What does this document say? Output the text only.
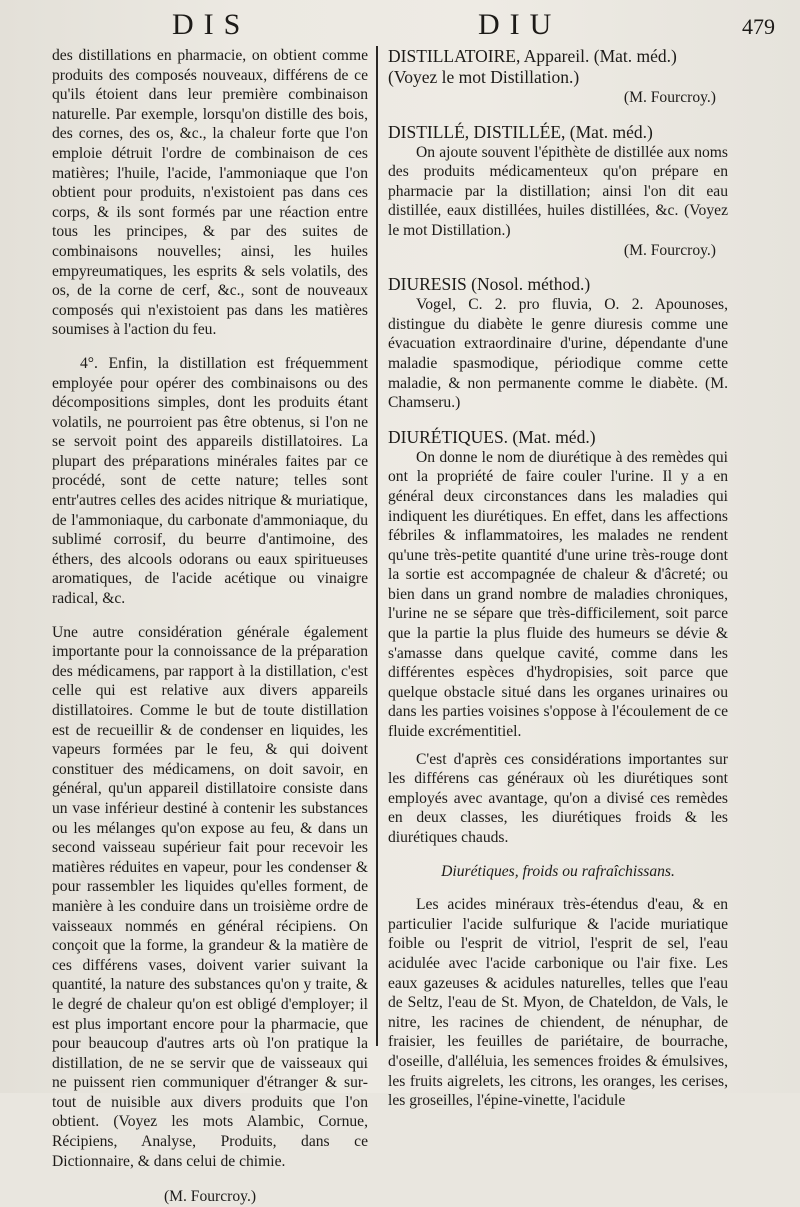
DIS	DIU	479

des distillations en pharmacie, on obtient comme produits des composés nouveaux, différens de ce qu'ils étoient dans leur première combinaison naturelle. Par exemple, lorsqu'on distille des bois, des cornes, des os, &c., la chaleur forte que l'on emploie détruit l'ordre de combinaison de ces matières; l'huile, l'acide, l'ammoniaque que l'on obtient pour produits, n'existoient pas dans ces corps, & ils sont formés par une réaction entre tous les principes, & par des suites de combinaisons nouvelles; ainsi, les huiles empyreumatiques, les esprits & sels volatils, des os, de la corne de cerf, &c., sont de nouveaux composés qui n'existoient pas dans les matières soumises à l'action du feu.

4°. Enfin, la distillation est fréquemment employée pour opérer des combinaisons ou des décompositions simples, dont les produits étant volatils, ne pourroient pas être obtenus, si l'on ne se servoit point des appareils distillatoires. La plupart des préparations minérales faites par ce procédé, sont de cette nature; telles sont entr'autres celles des acides nitrique & muriatique, de l'ammoniaque, du carbonate d'ammoniaque, du sublimé corrosif, du beurre d'antimoine, des éthers, des alcools odorans ou eaux spiritueuses aromatiques, de l'acide acétique ou vinaigre radical, &c.

Une autre considération générale également importante pour la connoissance de la préparation des médicamens, par rapport à la distillation, c'est celle qui est relative aux divers appareils distillatoires. Comme le but de toute distillation est de recueillir & de condenser en liquides, les vapeurs formées par le feu, & qui doivent constituer des médicamens, on doit savoir, en général, qu'un appareil distillatoire consiste dans un vase inférieur destiné à contenir les substances ou les mélanges qu'on expose au feu, & dans un second vaisseau supérieur fait pour recevoir les matières réduites en vapeur, pour les condenser & pour rassembler les liquides qu'elles forment, de manière à les conduire dans un troisième ordre de vaisseaux nommés en général récipiens. On conçoit que la forme, la grandeur & la matière de ces différens vases, doivent varier suivant la quantité, la nature des substances qu'on y traite, & le degré de chaleur qu'on est obligé d'employer; il est plus important encore pour la pharmacie, que pour beaucoup d'autres arts où l'on pratique la distillation, de ne se servir que de vaisseaux qui ne puissent rien communiquer d'étranger & sur-tout de nuisible aux divers produits que l'on obtient. (Voyez les mots Alambic, Cornue, Récipiens, Analyse, Produits, dans ce Dictionnaire, & dans celui de chimie.

(M. Fourcroy.)

DISTILLATOIRE, Appareil. (Mat. méd.) (Voyez le mot Distillation.)

(M. Fourcroy.)

DISTILLÉ, DISTILLÉE, (Mat. méd.)

On ajoute souvent l'épithète de distillée aux noms des produits médicamenteux qu'on prépare en pharmacie par la distillation; ainsi l'on dit eau distillée, eaux distillées, huiles distillées, &c. (Voyez le mot Distillation.)

(M. Fourcroy.)

DIURESIS (Nosol. méthod.)

Vogel, C. 2. pro fluvia, O. 2. Apounoses, distingue du diabète le genre diuresis comme une évacuation extraordinaire d'urine, dépendante d'une maladie spasmodique, périodique comme cette maladie, & non permanente comme le diabète. (M. Chamseru.)

DIURÉTIQUES. (Mat. méd.)

On donne le nom de diurétique à des remèdes qui ont la propriété de faire couler l'urine. Il y a en général deux circonstances dans les maladies qui indiquent les diurétiques. En effet, dans les affections fébriles & inflammatoires, les malades ne rendent qu'une très-petite quantité d'une urine très-rouge dont la sortie est accompagnée de chaleur & d'âcreté; ou bien dans un grand nombre de maladies chroniques, l'urine ne se sépare que très-difficilement, soit parce que la partie la plus fluide des humeurs se dévie & s'amasse dans quelque cavité, comme dans les différentes espèces d'hydropisies, soit parce que quelque obstacle situé dans les organes urinaires ou dans les parties voisines s'oppose à l'écoulement de ce fluide excrémentitiel.

C'est d'après ces considérations importantes sur les différens cas généraux où les diurétiques sont employés avec avantage, qu'on a divisé ces remèdes en deux classes, les diurétiques froids & les diurétiques chauds.

Diurétiques, froids ou rafraîchissans.

Les acides minéraux très-étendus d'eau, & en particulier l'acide sulfurique & l'acide muriatique foible ou l'esprit de vitriol, l'esprit de sel, l'eau acidulée avec l'acide carbonique ou l'air fixe. Les eaux gazeuses & acidules naturelles, telles que l'eau de Seltz, l'eau de St. Myon, de Chateldon, de Vals, le nitre, les racines de chiendent, de nénuphar, de fraisier, les feuilles de pariétaire, de bourrache, d'oseille, d'alléluia, les semences froides & émulsives, les fruits aigrelets, les citrons, les oranges, les cerises, les groseilles, l'épine-vinette, l'acidule
